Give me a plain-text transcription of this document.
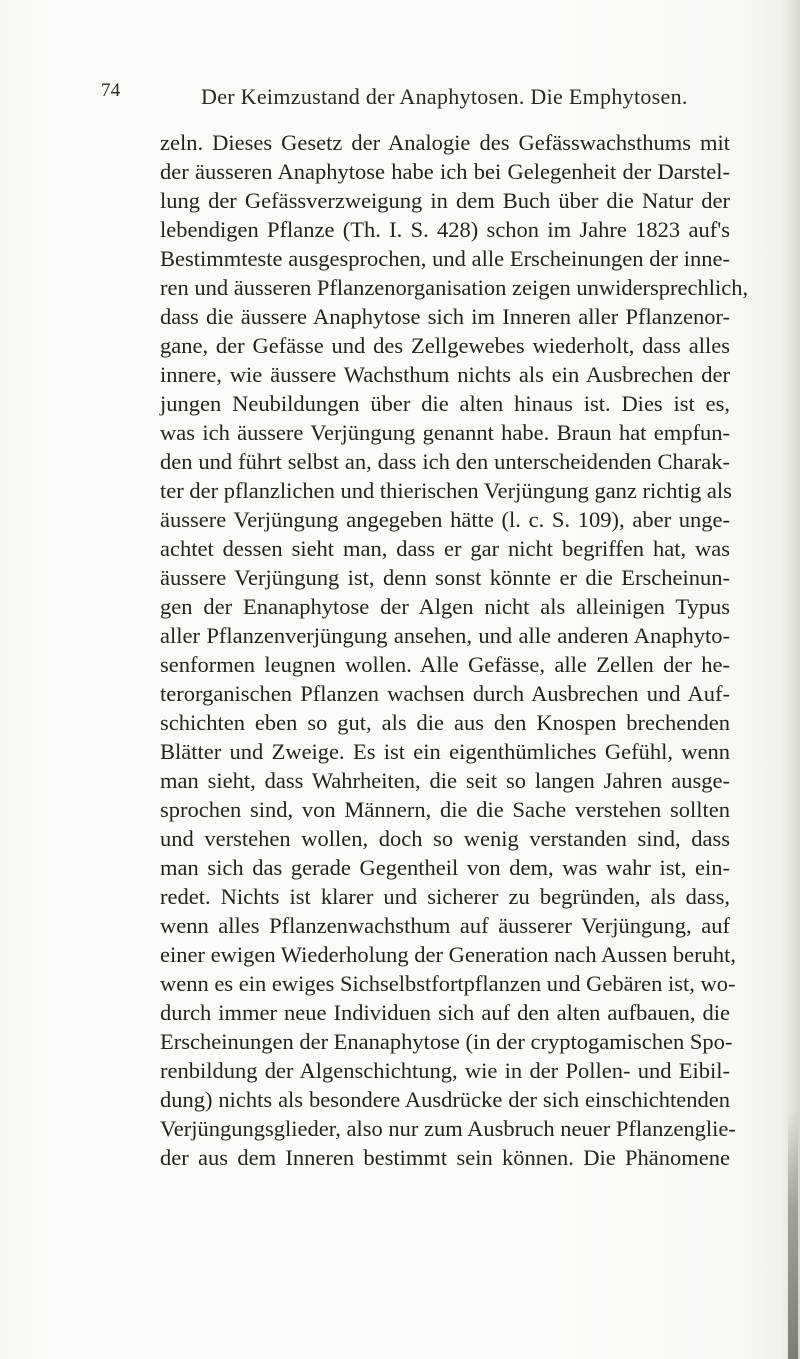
74	Der Keimzustand der Anaphytosen. Die Emphytosen.
zeln. Dieses Gesetz der Analogie des Gefässwachsthums mit
der äusseren Anaphytose habe ich bei Gelegenheit der Darstel-
lung der Gefässverzweigung in dem Buch über die Natur der
lebendigen Pflanze (Th. I. S. 428) schon im Jahre 1823 auf's
Bestimmteste ausgesprochen, und alle Erscheinungen der inne-
ren und äusseren Pflanzenorganisation zeigen unwidersprechlich,
dass die äussere Anaphytose sich im Inneren aller Pflanzenor-
gane, der Gefässe und des Zellgewebes wiederholt, dass alles
innere, wie äussere Wachsthum nichts als ein Ausbrechen der
jungen Neubildungen über die alten hinaus ist. Dies ist es,
was ich äussere Verjüngung genannt habe. Braun hat empfun-
den und führt selbst an, dass ich den unterscheidenden Charak-
ter der pflanzlichen und thierischen Verjüngung ganz richtig als
äussere Verjüngung angegeben hätte (l. c. S. 109), aber unge-
achtet dessen sieht man, dass er gar nicht begriffen hat, was
äussere Verjüngung ist, denn sonst könnte er die Erscheinun-
gen der Enanaphytose der Algen nicht als alleinigen Typus
aller Pflanzenverjüngung ansehen, und alle anderen Anaphyto-
senformen leugnen wollen. Alle Gefässe, alle Zellen der he-
terorganischen Pflanzen wachsen durch Ausbrechen und Auf-
schichten eben so gut, als die aus den Knospen brechenden
Blätter und Zweige. Es ist ein eigenthümliches Gefühl, wenn
man sieht, dass Wahrheiten, die seit so langen Jahren ausge-
sprochen sind, von Männern, die die Sache verstehen sollten
und verstehen wollen, doch so wenig verstanden sind, dass
man sich das gerade Gegentheil von dem, was wahr ist, ein-
redet. Nichts ist klarer und sicherer zu begründen, als dass,
wenn alles Pflanzenwachsthum auf äusserer Verjüngung, auf
einer ewigen Wiederholung der Generation nach Aussen beruht,
wenn es ein ewiges Sichselbstfortpflanzen und Gebären ist, wo-
durch immer neue Individuen sich auf den alten aufbauen, die
Erscheinungen der Enanaphytose (in der cryptogamischen Spo-
renbildung der Algenschichtung, wie in der Pollen- und Eibil-
dung) nichts als besondere Ausdrücke der sich einschichtenden
Verjüngungsglieder, also nur zum Ausbruch neuer Pflanzenglie-
der aus dem Inneren bestimmt sein können. Die Phänomene
